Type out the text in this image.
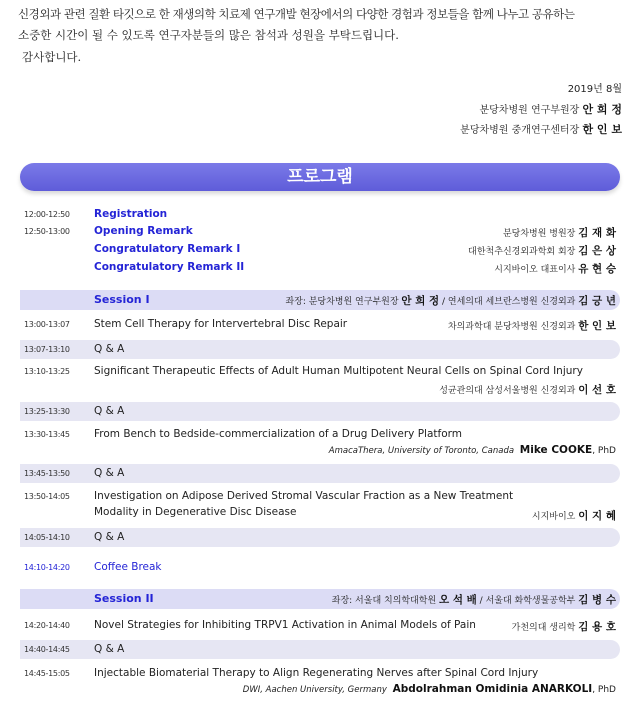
신경외과 관련 질환 타깃으로 한 재생의학 치료제 연구개발 현장에서의 다양한 경험과 정보들을 함께 나누고 공유하는

소중한 시간이 될 수 있도록 연구자분들의 많은 참석과 성원을 부탁드립니다.

감사합니다.
2019년 8월
분당차병원 연구부원장 안 희 정
분당차병원 중개연구센터장 한 인 보
프로그램
12:00-12:50 Registration
12:50-13:00 Opening Remark	분당차병원 병원장 김 재 화
Congratulatory Remark I	대한척추신경외과학회 회장 김 은 상
Congratulatory Remark II	시지바이오 대표이사 유 현 승
Session I	좌장: 분당차병원 연구부원장 안 희 정 / 연세의대 세브란스병원 신경외과 김 긍 년
13:00-13:07 Stem Cell Therapy for Intervertebral Disc Repair	차의과학대 분당차병원 신경외과 한 인 보
13:07-13:10 Q & A
13:10-13:25 Significant Therapeutic Effects of Adult Human Multipotent Neural Cells on Spinal Cord Injury
성균관의대 삼성서울병원 신경외과 이 선 호
13:25-13:30 Q & A
13:30-13:45 From Bench to Bedside-commercialization of a Drug Delivery Platform
AmacaThera, University of Toronto, Canada Mike COOKE, PhD
13:45-13:50 Q & A
13:50-14:05 Investigation on Adipose Derived Stromal Vascular Fraction as a New Treatment
Modality in Degenerative Disc Disease	시지바이오 이 지 혜
14:05-14:10 Q & A
14:10-14:20 Coffee Break
Session II	좌장: 서울대 치의학대학원 오 석 배 / 서울대 화학생물공학부 김 병 수
14:20-14:40 Novel Strategies for Inhibiting TRPV1 Activation in Animal Models of Pain	가천의대 생리학 김 용 호
14:40-14:45 Q & A
14:45-15:05 Injectable Biomaterial Therapy to Align Regenerating Nerves after Spinal Cord Injury
DWI, Aachen University, Germany Abdolrahman Omidinia ANARKOLI, PhD
